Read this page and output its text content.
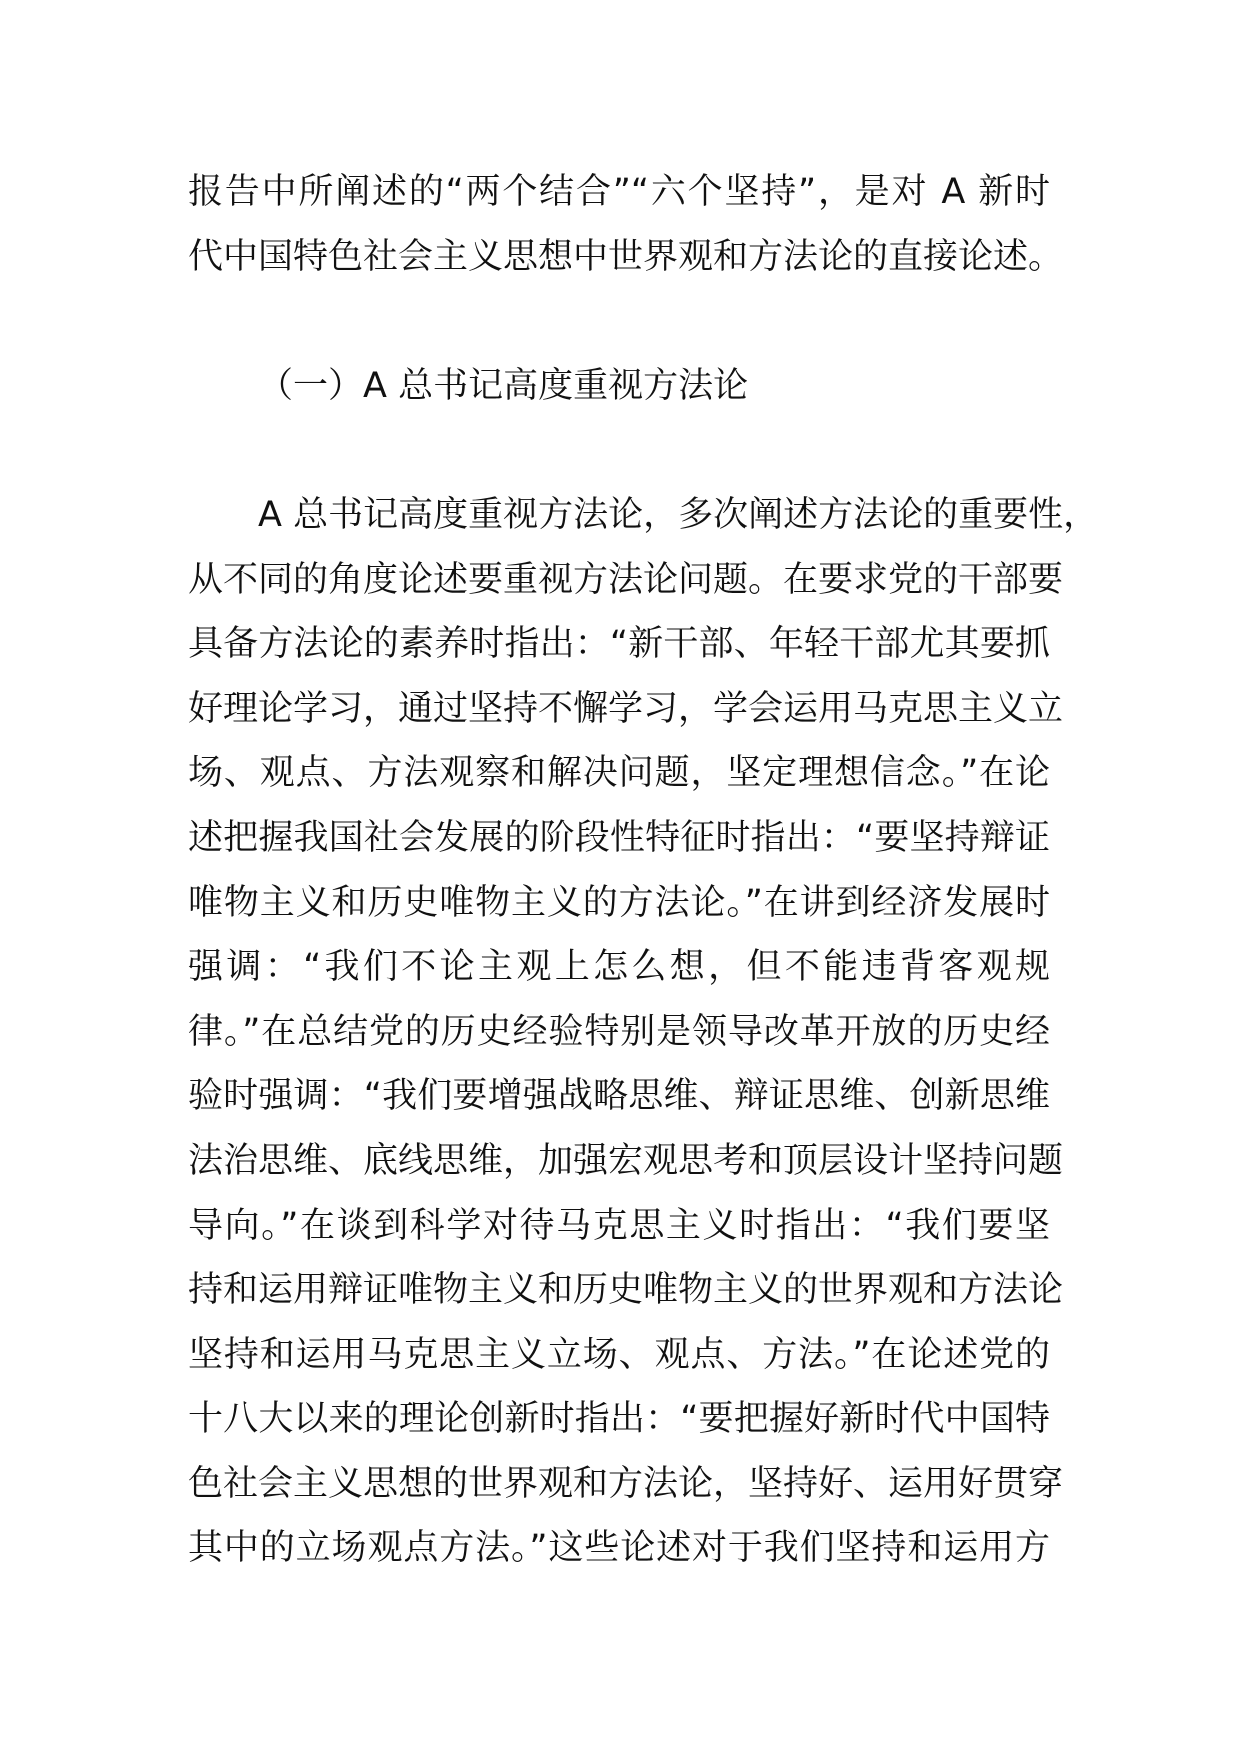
报告中所阐述的“两个结合”“六个坚持”，是对 A 新时
代中国特色社会主义思想中世界观和方法论的直接论述。
（一）A 总书记高度重视方法论
A 总书记高度重视方法论，多次阐述方法论的重要性，
从不同的角度论述要重视方法论问题。在要求党的干部要
具备方法论的素养时指出：“新干部、年轻干部尤其要抓
好理论学习，通过坚持不懈学习，学会运用马克思主义立
场、观点、方法观察和解决问题，坚定理想信念。”在论
述把握我国社会发展的阶段性特征时指出：“要坚持辩证
唯物主义和历史唯物主义的方法论。”在讲到经济发展时
强调：“我们不论主观上怎么想，但不能违背客观规
律。”在总结党的历史经验特别是领导改革开放的历史经
验时强调：“我们要增强战略思维、辩证思维、创新思维
法治思维、底线思维，加强宏观思考和顶层设计坚持问题
导向。”在谈到科学对待马克思主义时指出：“我们要坚
持和运用辩证唯物主义和历史唯物主义的世界观和方法论
坚持和运用马克思主义立场、观点、方法。”在论述党的
十八大以来的理论创新时指出：“要把握好新时代中国特
色社会主义思想的世界观和方法论，坚持好、运用好贯穿
其中的立场观点方法。”这些论述对于我们坚持和运用方
